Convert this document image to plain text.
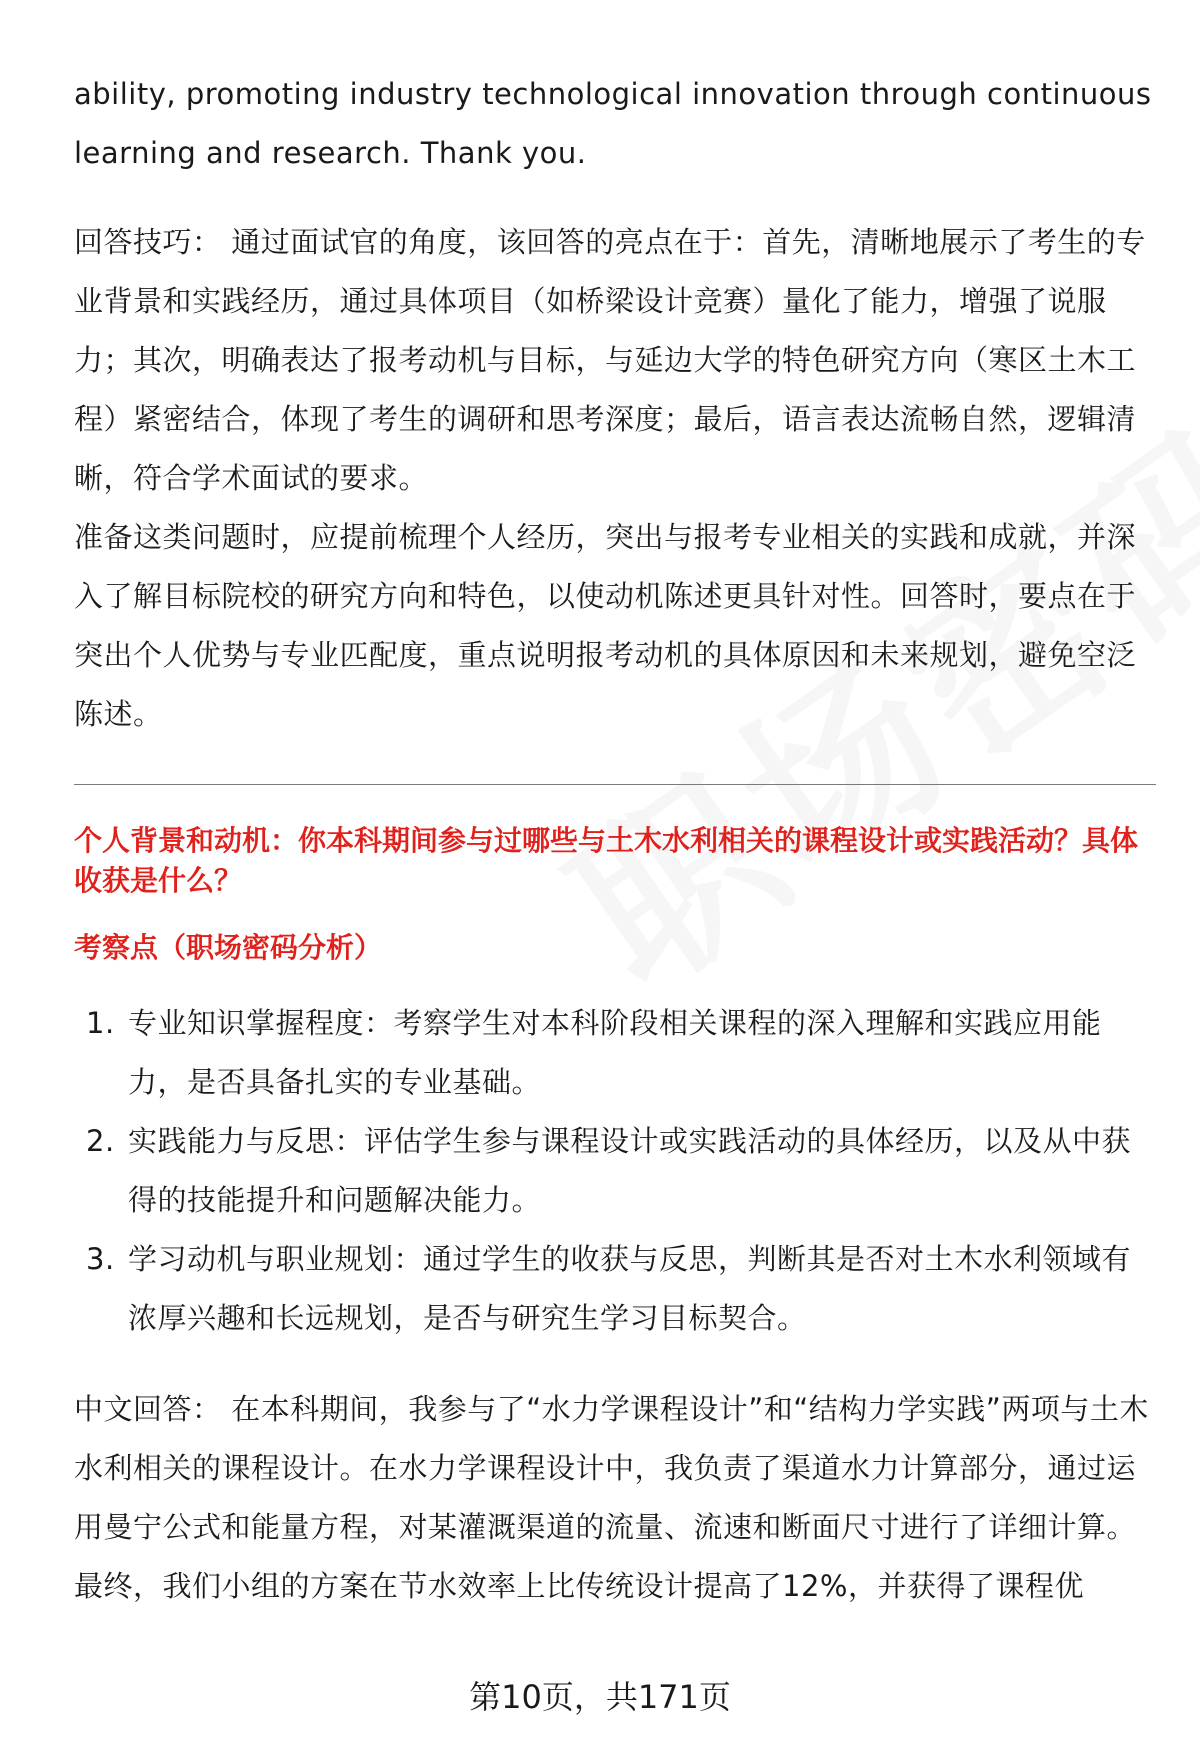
ability, promoting industry technological innovation through continuous learning and research. Thank you.

回答技巧： 通过面试官的角度，该回答的亮点在于：首先，清晰地展示了考生的专业背景和实践经历，通过具体项目（如桥梁设计竞赛）量化了能力，增强了说服力；其次，明确表达了报考动机与目标，与延边大学的特色研究方向（寒区土木工程）紧密结合，体现了考生的调研和思考深度；最后，语言表达流畅自然，逻辑清晰，符合学术面试的要求。

准备这类问题时，应提前梳理个人经历，突出与报考专业相关的实践和成就，并深入了解目标院校的研究方向和特色，以使动机陈述更具针对性。回答时，要点在于突出个人优势与专业匹配度，重点说明报考动机的具体原因和未来规划，避免空泛陈述。

个人背景和动机：你本科期间参与过哪些与土木水利相关的课程设计或实践活动？具体收获是什么？
考察点（职场密码分析）
1. 专业知识掌握程度：考察学生对本科阶段相关课程的深入理解和实践应用能力，是否具备扎实的专业基础。
2. 实践能力与反思：评估学生参与课程设计或实践活动的具体经历，以及从中获得的技能提升和问题解决能力。
3. 学习动机与职业规划：通过学生的收获与反思，判断其是否对土木水利领域有浓厚兴趣和长远规划，是否与研究生学习目标契合。

中文回答： 在本科期间，我参与了“水力学课程设计”和“结构力学实践”两项与土木水利相关的课程设计。在水力学课程设计中，我负责了渠道水力计算部分，通过运用曼宁公式和能量方程，对某灌溉渠道的流量、流速和断面尺寸进行了详细计算。最终，我们小组的方案在节水效率上比传统设计提高了12%，并获得了课程优

第10页，共171页
